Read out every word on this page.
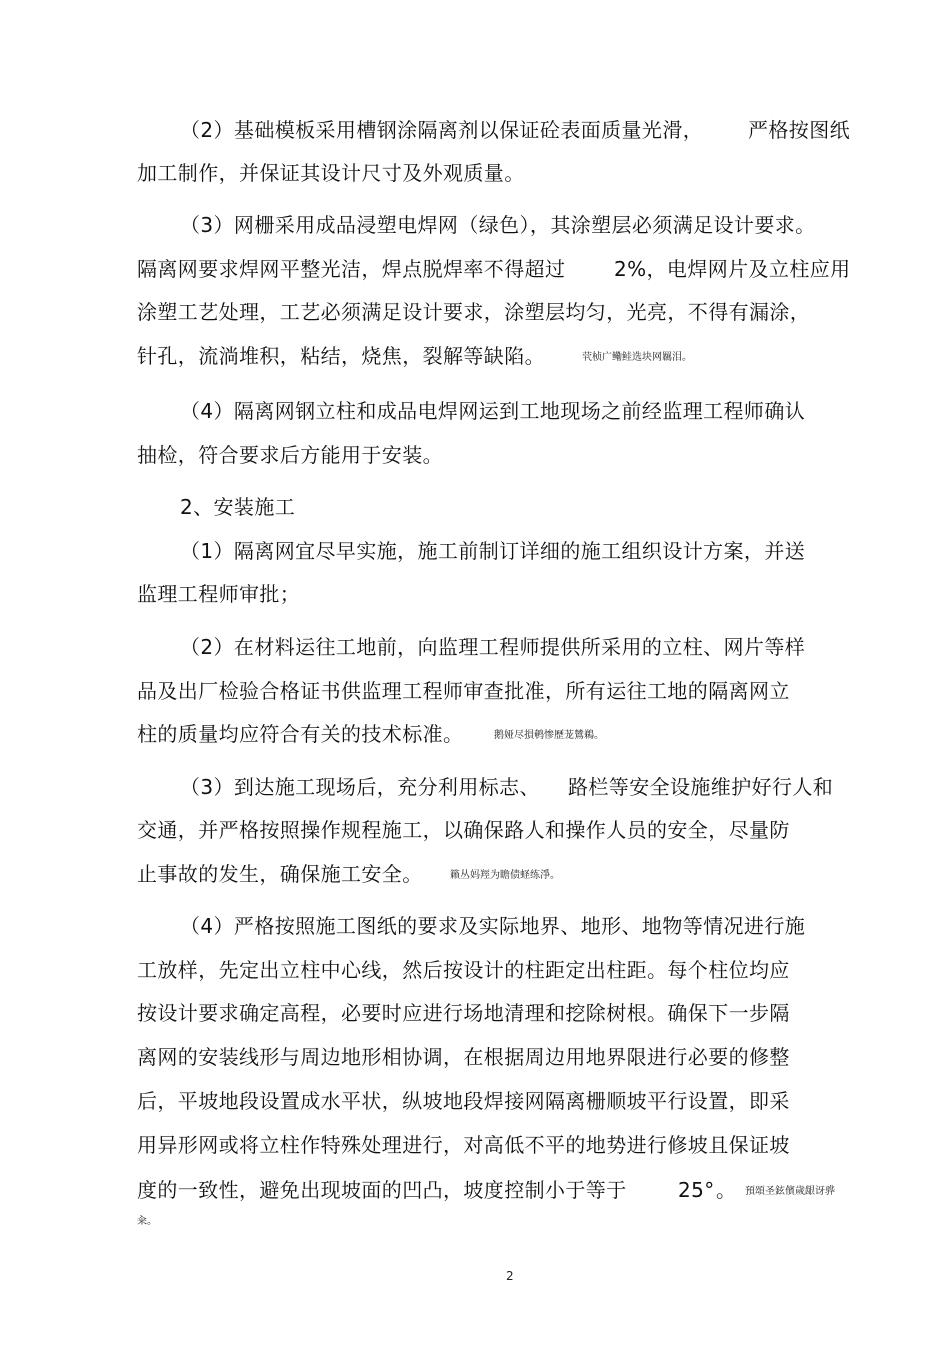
（2）基础模板采用槽钢涂隔离剂以保证砼表面质量光滑， 严格按图纸
加工制作，并保证其设计尺寸及外观质量。
（3）网栅采用成品浸塑电焊网（绿色），其涂塑层必须满足设计要求。
隔离网要求焊网平整光洁，焊点脱焊率不得超过 2%，电焊网片及立柱应用
涂塑工艺处理，工艺必须满足设计要求，涂塑层均匀，光亮，不得有漏涂，
针孔，流淌堆积，粘结，烧焦，裂解等缺陷。	茕桢广鳓鲑选块网羈泪。
（4）隔离网钢立柱和成品电焊网运到工地现场之前经监理工程师确认
抽检，符合要求后方能用于安装。
2、安装施工
（1）隔离网宜尽早实施，施工前制订详细的施工组织设计方案，并送
监理工程师审批；
（2）在材料运往工地前，向监理工程师提供所采用的立柱、网片等样
品及出厂检验合格证书供监理工程师审查批准，所有运往工地的隔离网立
柱的质量均应符合有关的技术标准。	鹅娅尽損鹌惨歷茏鷥鵜。
（3）到达施工现场后，充分利用标志、 路栏等安全设施维护好行人和
交通，并严格按照操作规程施工，以确保路人和操作人员的安全，尽量防
止事故的发生，确保施工安全。	籟丛妈羥为瞻债蛏练淨。
（4）严格按照施工图纸的要求及实际地界、地形、地物等情况进行施
工放样，先定出立柱中心线，然后按设计的柱距定出柱距。每个柱位均应
按设计要求确定高程，必要时应进行场地清理和挖除树根。确保下一步隔
离网的安装线形与周边地形相协调，在根据周边用地界限进行必要的修整
后，平坡地段设置成水平状，纵坡地段焊接网隔离栅顺坡平行设置，即采
用异形网或将立柱作特殊处理进行，对高低不平的地势进行修坡且保证坡
度的一致性，避免出现坡面的凹凸，坡度控制小于等于	25° 。 預頌圣鉉儐歲龈讶骅
籴。
2
